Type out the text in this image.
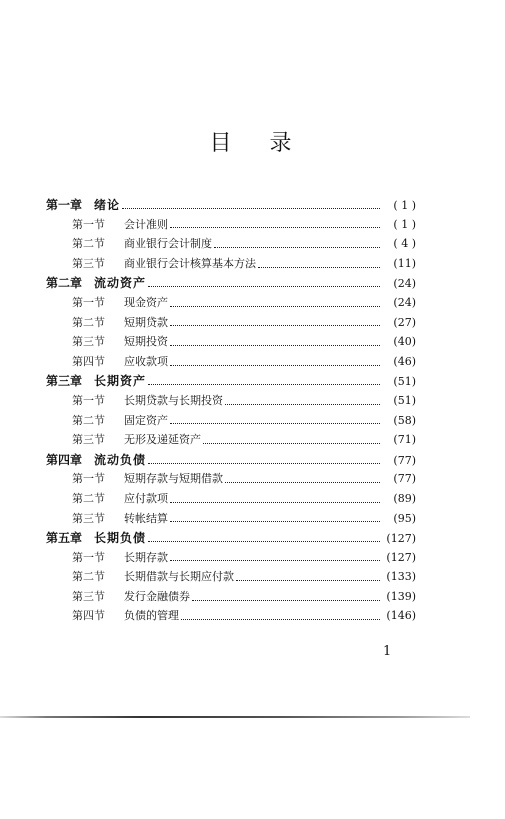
目 录
第一章 绪论	( 1 )
第一节	会计准则	( 1 )
第二节	商业银行会计制度	( 4 )
第三节	商业银行会计核算基本方法	(11)
第二章 流动资产	(24)
第一节	现金资产	(24)
第二节	短期贷款	(27)
第三节	短期投资	(40)
第四节	应收款项	(46)
第三章 长期资产	(51)
第一节	长期贷款与长期投资	(51)
第二节	固定资产	(58)
第三节	无形及递延资产	(71)
第四章 流动负债	(77)
第一节	短期存款与短期借款	(77)
第二节	应付款项	(89)
第三节	转帐结算	(95)
第五章 长期负债	(127)
第一节	长期存款	(127)
第二节	长期借款与长期应付款	(133)
第三节	发行金融债券	(139)
第四节	负债的管理	(146)
1
